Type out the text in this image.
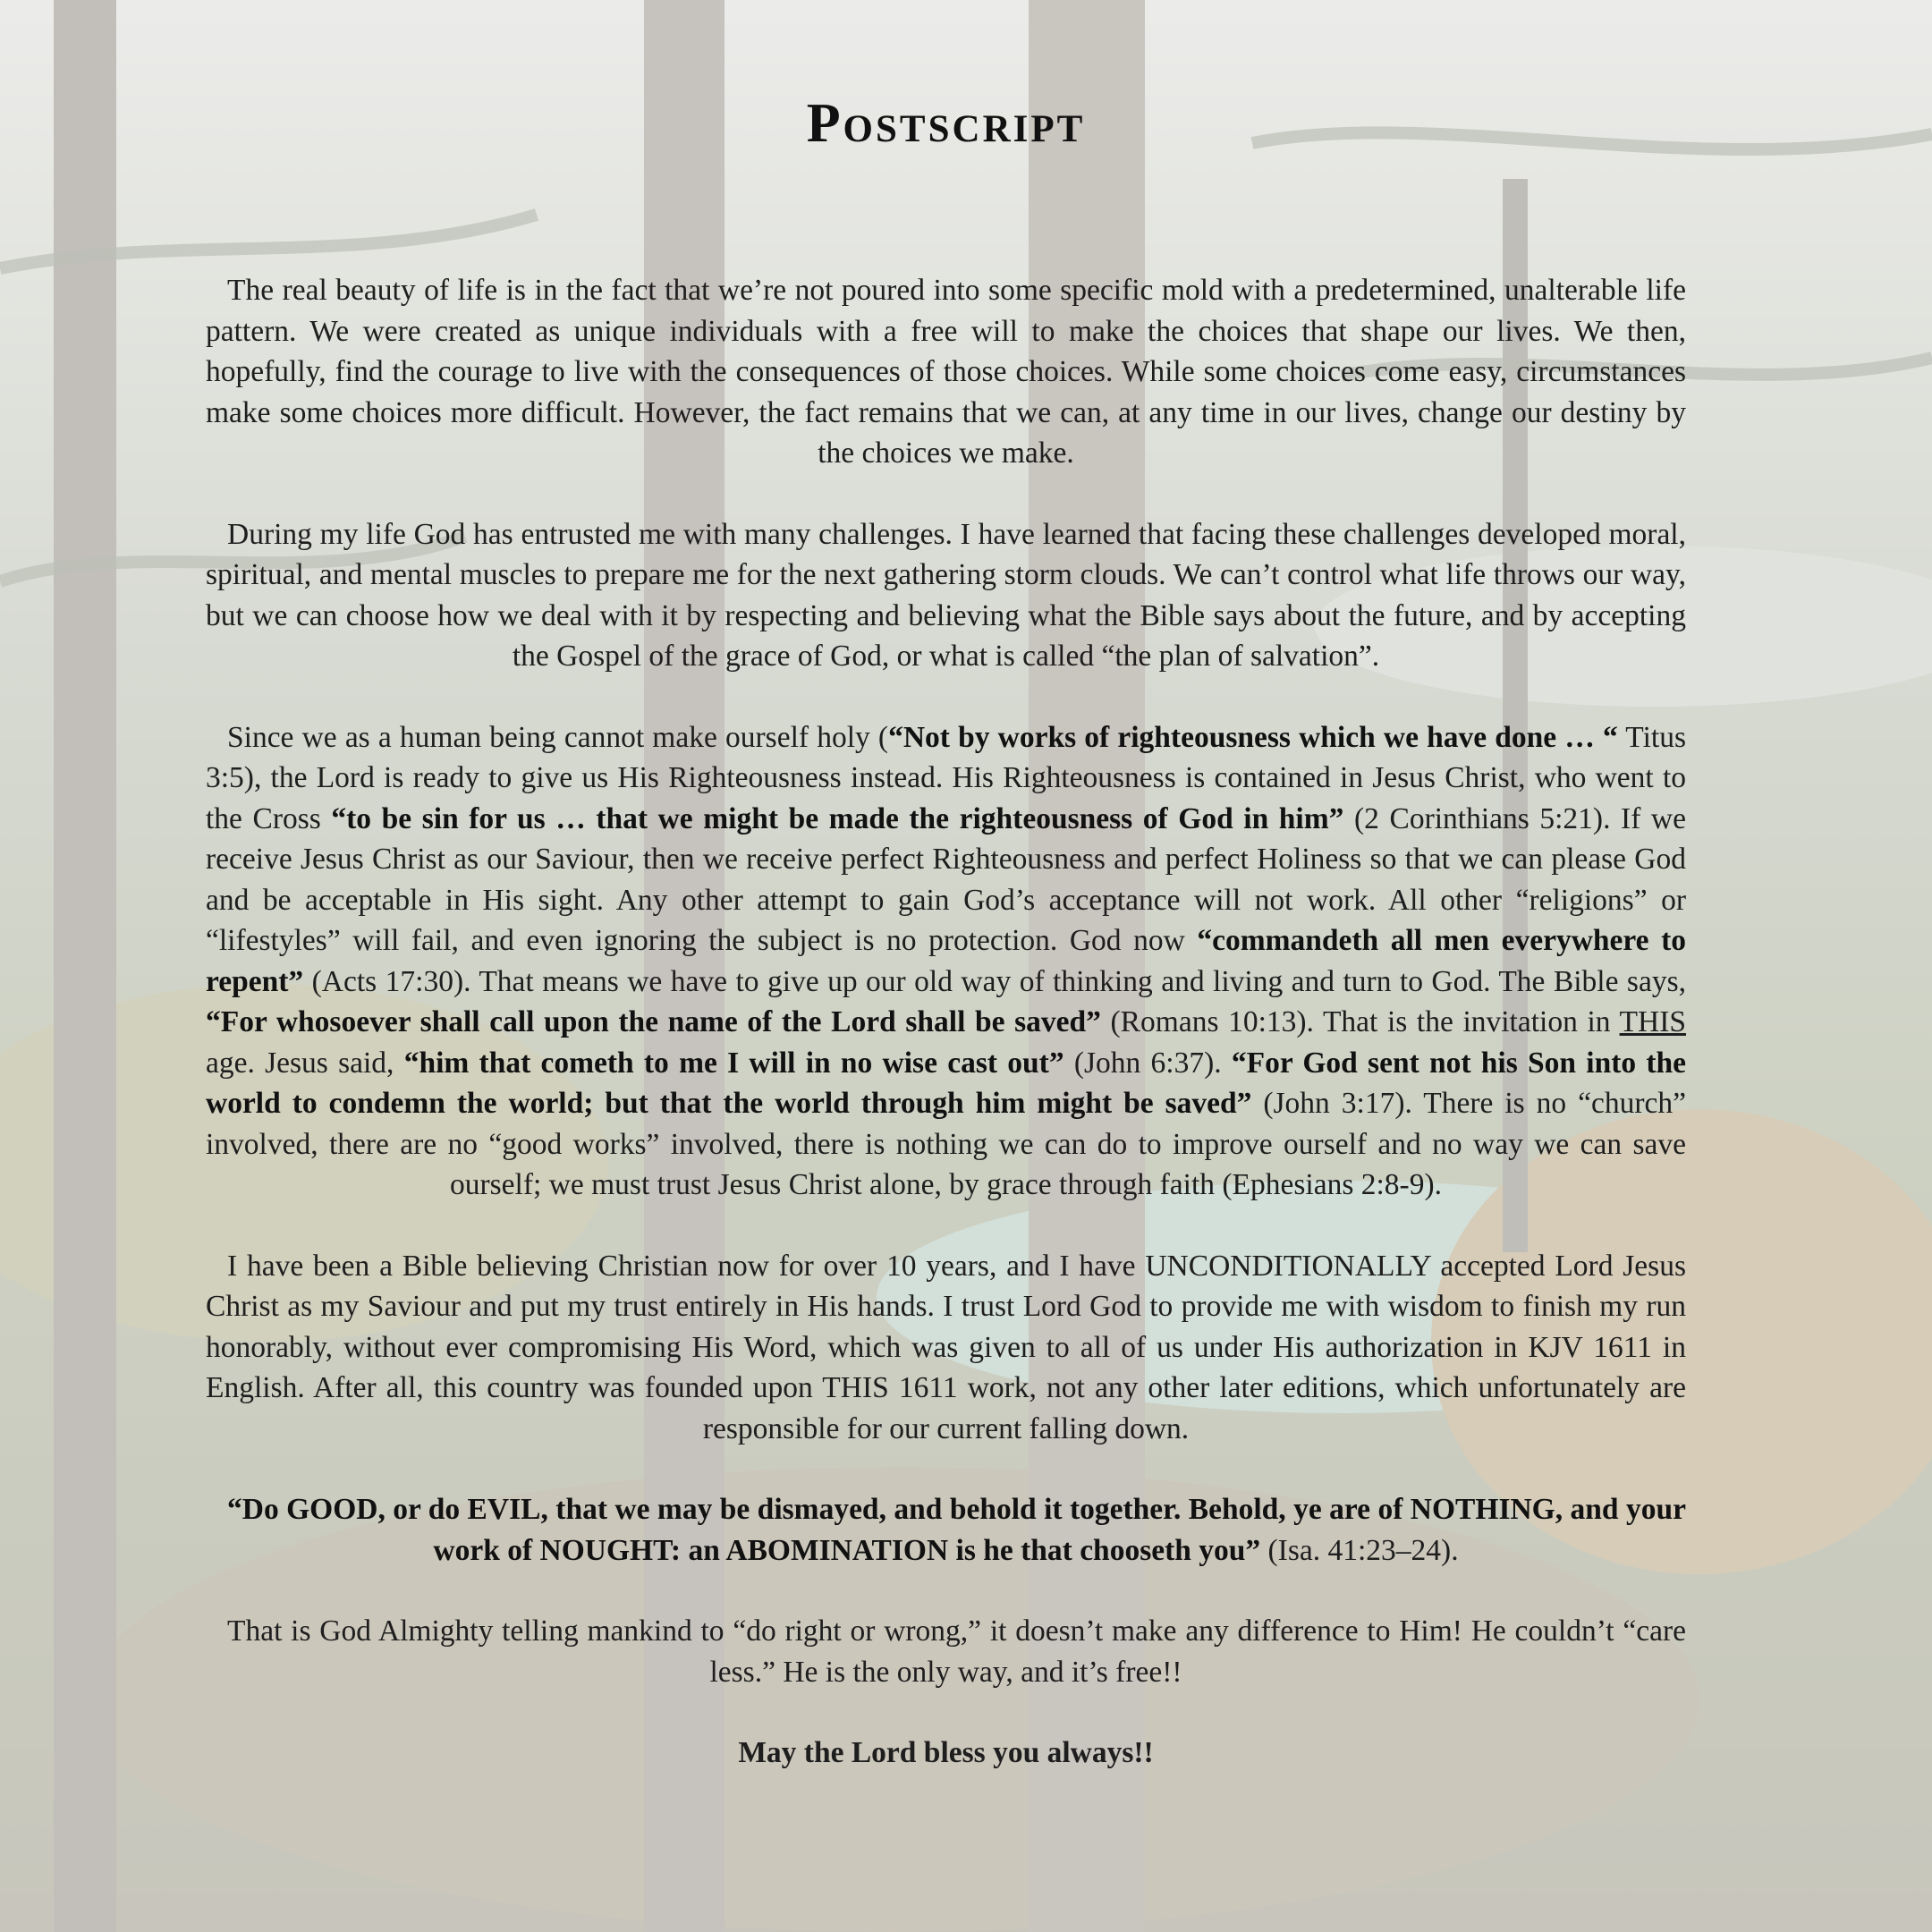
Postscript

The real beauty of life is in the fact that we’re not poured into some specific mold with a predetermined, unalterable life pattern. We were created as unique individuals with a free will to make the choices that shape our lives. We then, hopefully, find the courage to live with the consequences of those choices. While some choices come easy, circumstances make some choices more difficult. However, the fact remains that we can, at any time in our lives, change our destiny by the choices we make.

During my life God has entrusted me with many challenges. I have learned that facing these challenges developed moral, spiritual, and mental muscles to prepare me for the next gathering storm clouds. We can’t control what life throws our way, but we can choose how we deal with it by respecting and believing what the Bible says about the future, and by accepting the Gospel of the grace of God, or what is called “the plan of salvation”.

Since we as a human being cannot make ourself holy (“Not by works of righteousness which we have done … “ Titus 3:5), the Lord is ready to give us His Righteousness instead. His Righteousness is contained in Jesus Christ, who went to the Cross “to be sin for us … that we might be made the righteousness of God in him” (2 Corinthians 5:21). If we receive Jesus Christ as our Saviour, then we receive perfect Righteousness and perfect Holiness so that we can please God and be acceptable in His sight. Any other attempt to gain God’s acceptance will not work. All other “religions” or “lifestyles” will fail, and even ignoring the subject is no protection. God now “commandeth all men everywhere to repent” (Acts 17:30). That means we have to give up our old way of thinking and living and turn to God. The Bible says, “For whosoever shall call upon the name of the Lord shall be saved” (Romans 10:13). That is the invitation in THIS age. Jesus said, “him that cometh to me I will in no wise cast out” (John 6:37). “For God sent not his Son into the world to condemn the world; but that the world through him might be saved” (John 3:17). There is no “church” involved, there are no “good works” involved, there is nothing we can do to improve ourself and no way we can save ourself; we must trust Jesus Christ alone, by grace through faith (Ephesians 2:8-9).

I have been a Bible believing Christian now for over 10 years, and I have UNCONDITIONALLY accepted Lord Jesus Christ as my Saviour and put my trust entirely in His hands. I trust Lord God to provide me with wisdom to finish my run honorably, without ever compromising His Word, which was given to all of us under His authorization in KJV 1611 in English. After all, this country was founded upon THIS 1611 work, not any other later editions, which unfortunately are responsible for our current falling down.

“Do GOOD, or do EVIL, that we may be dismayed, and behold it together. Behold, ye are of NOTHING, and your work of NOUGHT: an ABOMINATION is he that chooseth you” (Isa. 41:23–24).

That is God Almighty telling mankind to “do right or wrong,” it doesn’t make any difference to Him! He couldn’t “care less.” He is the only way, and it’s free!!

May the Lord bless you always!!
